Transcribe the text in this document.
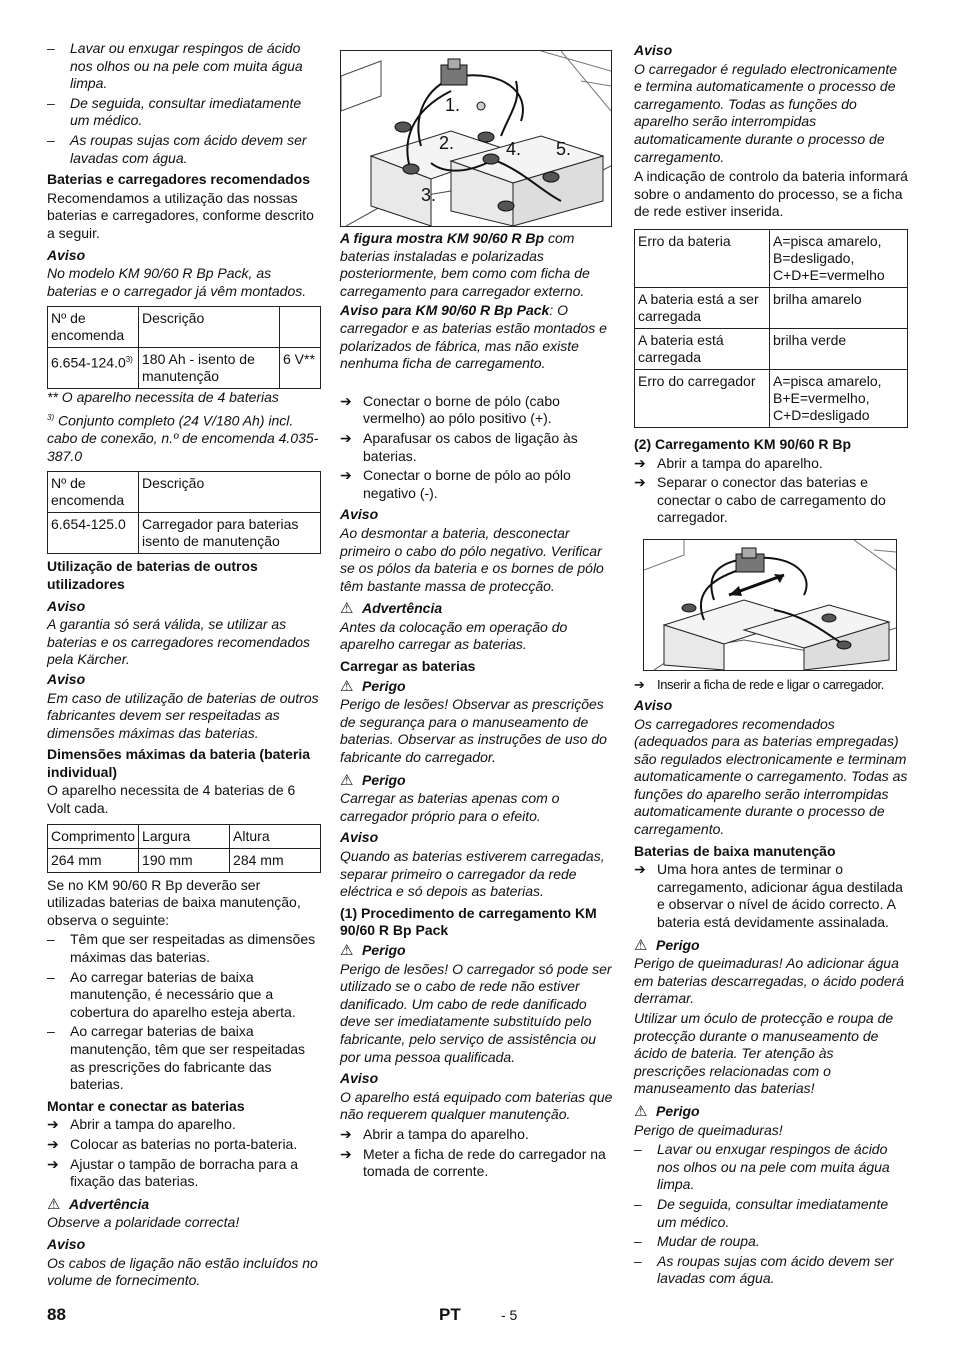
–	Lavar ou enxugar respingos de ácido nos olhos ou na pele com muita água limpa.
–	De seguida, consultar imediatamente um médico.
–	As roupas sujas com ácido devem ser lavadas com água.
Baterias e carregadores recomendados
Recomendamos a utilização das nossas baterias e carregadores, conforme descrito a seguir.
Aviso
No modelo KM 90/60 R Bp Pack, as baterias e o carregador já vêm montados.
Nº de encomenda	Descrição	
6.654-124.0$^{3)}$	180 Ah - isento de manutenção	6 V**
** O aparelho necessita de 4 baterias
$^{3)}$ Conjunto completo (24 V/180 Ah) incl. cabo de conexão, n.º de encomenda 4.035-387.0
Nº de encomenda	Descrição
6.654-125.0	Carregador para baterias isento de manutenção
Utilização de baterias de outros utilizadores
Aviso
A garantia só será válida, se utilizar as baterias e os carregadores recomendados pela Kärcher.
Aviso
Em caso de utilização de baterias de outros fabricantes devem ser respeitadas as dimensões máximas das baterias.
Dimensões máximas da bateria (bateria individual)
O aparelho necessita de 4 baterias de 6 Volt cada.
Comprimento	Largura	Altura
264 mm	190 mm	284 mm
Se no KM 90/60 R Bp deverão ser utilizadas baterias de baixa manutenção, observa o seguinte:
–	Têm que ser respeitadas as dimensões máximas das baterias.
–	Ao carregar baterias de baixa manutenção, é necessário que a cobertura do aparelho esteja aberta.
–	Ao carregar baterias de baixa manutenção, têm que ser respeitadas as prescrições do fabricante das baterias.
Montar e conectar as baterias
➔ Abrir a tampa do aparelho.
➔ Colocar as baterias no porta-bateria.
➔ Ajustar o tampão de borracha para a fixação das baterias.
⚠ Advertência
Observe a polaridade correcta!
Aviso
Os cabos de ligação não estão incluídos no volume de fornecimento.
1.
2.
3.
4. 5.
A figura mostra KM 90/60 R Bp com baterias instaladas e polarizadas posteriormente, bem como com ficha de carregamento para carregador externo.
Aviso para KM 90/60 R Bp Pack: O carregador e as baterias estão montados e polarizados de fábrica, mas não existe nenhuma ficha de carregamento.
➔ Conectar o borne de pólo (cabo vermelho) ao pólo positivo (+).
➔ Aparafusar os cabos de ligação às baterias.
➔ Conectar o borne de pólo ao pólo negativo (-).
Aviso
Ao desmontar a bateria, desconectar primeiro o cabo do pólo negativo. Verificar se os pólos da bateria e os bornes de pólo têm bastante massa de protecção.
⚠ Advertência
Antes da colocação em operação do aparelho carregar as baterias.
Carregar as baterias
⚠ Perigo
Perigo de lesões! Observar as prescrições de segurança para o manuseamento de baterias. Observar as instruções de uso do fabricante do carregador.
⚠ Perigo
Carregar as baterias apenas com o carregador próprio para o efeito.
Aviso
Quando as baterias estiverem carregadas, separar primeiro o carregador da rede eléctrica e só depois as baterias.
(1) Procedimento de carregamento KM 90/60 R Bp Pack
⚠ Perigo
Perigo de lesões! O carregador só pode ser utilizado se o cabo de rede não estiver danificado. Um cabo de rede danificado deve ser imediatamente substituído pelo fabricante, pelo serviço de assistência ou por uma pessoa qualificada.
Aviso
O aparelho está equipado com baterias que não requerem qualquer manutenção.
➔ Abrir a tampa do aparelho.
➔ Meter a ficha de rede do carregador na tomada de corrente.
Aviso
O carregador é regulado electronicamente e termina automaticamente o processo de carregamento. Todas as funções do aparelho serão interrompidas automaticamente durante o processo de carregamento.
A indicação de controlo da bateria informará sobre o andamento do processo, se a ficha de rede estiver inserida.
Erro da bateria	A=pisca amarelo, B=desligado, C+D+E=vermelho
A bateria está a ser carregada	brilha amarelo
A bateria está carregada	brilha verde
Erro do carregador	A=pisca amarelo, B+E=vermelho, C+D=desligado
(2) Carregamento KM 90/60 R Bp
➔ Abrir a tampa do aparelho.
➔ Separar o conector das baterias e conectar o cabo de carregamento do carregador.
➔ Inserir a ficha de rede e ligar o carregador.
Aviso
Os carregadores recomendados (adequados para as baterias empregadas) são regulados electronicamente e terminam automaticamente o carregamento. Todas as funções do aparelho serão interrompidas automaticamente durante o processo de carregamento.
Baterias de baixa manutenção
➔ Uma hora antes de terminar o carregamento, adicionar água destilada e observar o nível de ácido correcto. A bateria está devidamente assinalada.
⚠ Perigo
Perigo de queimaduras! Ao adicionar água em baterias descarregadas, o ácido poderá derramar.
Utilizar um óculo de protecção e roupa de protecção durante o manuseamento de ácido de bateria. Ter atenção às prescrições relacionadas com o manuseamento das baterias!
⚠ Perigo
Perigo de queimaduras!
–	Lavar ou enxugar respingos de ácido nos olhos ou na pele com muita água limpa.
–	De seguida, consultar imediatamente um médico.
–	Mudar de roupa.
–	As roupas sujas com ácido devem ser lavadas com água.
88	PT	- 5
